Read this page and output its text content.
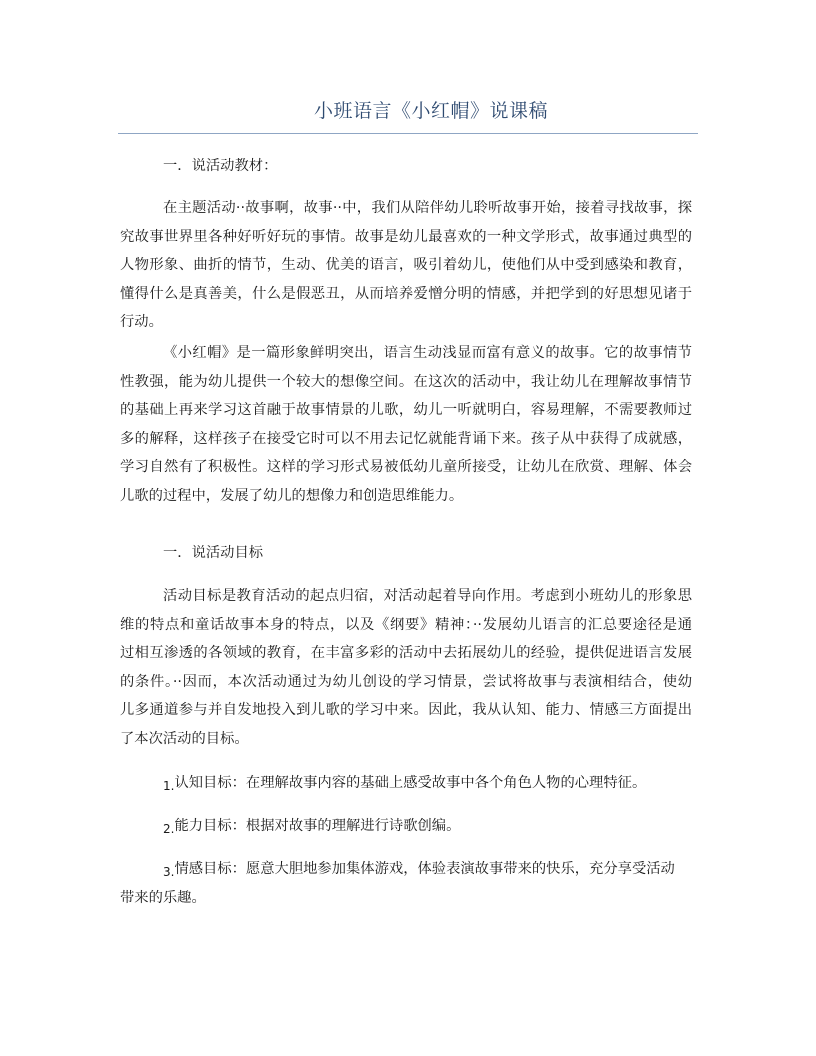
小班语言《小红帽》说课稿
一．说活动教材：
在主题活动··故事啊，故事··中，我们从陪伴幼儿聆听故事开始，接着寻找故事，探
究故事世界里各种好听好玩的事情。故事是幼儿最喜欢的一种文学形式，故事通过典型的
人物形象、曲折的情节，生动、优美的语言，吸引着幼儿，使他们从中受到感染和教育，
懂得什么是真善美，什么是假恶丑，从而培养爱憎分明的情感，并把学到的好思想见诸于
行动。
《小红帽》是一篇形象鲜明突出，语言生动浅显而富有意义的故事。它的故事情节
性教强，能为幼儿提供一个较大的想像空间。在这次的活动中，我让幼儿在理解故事情节
的基础上再来学习这首融于故事情景的儿歌，幼儿一听就明白，容易理解，不需要教师过
多的解释，这样孩子在接受它时可以不用去记忆就能背诵下来。孩子从中获得了成就感，
学习自然有了积极性。这样的学习形式易被低幼儿童所接受，让幼儿在欣赏、理解、体会
儿歌的过程中，发展了幼儿的想像力和创造思维能力。
一．说活动目标
活动目标是教育活动的起点归宿，对活动起着导向作用。考虑到小班幼儿的形象思
维的特点和童话故事本身的特点，以及《纲要》精神：··发展幼儿语言的汇总要途径是通
过相互渗透的各领域的教育，在丰富多彩的活动中去拓展幼儿的经验，提供促进语言发展
的条件。··因而，本次活动通过为幼儿创设的学习情景，尝试将故事与表演相结合，使幼
儿多通道参与并自发地投入到儿歌的学习中来。因此，我从认知、能力、情感三方面提出
了本次活动的目标。
$_{1.}$认知目标：在理解故事内容的基础上感受故事中各个角色人物的心理特征。
$_{2.}$能力目标：根据对故事的理解进行诗歌创编。
$_{3.}$情感目标：愿意大胆地参加集体游戏，体验表演故事带来的快乐，充分享受活动
带来的乐趣。
